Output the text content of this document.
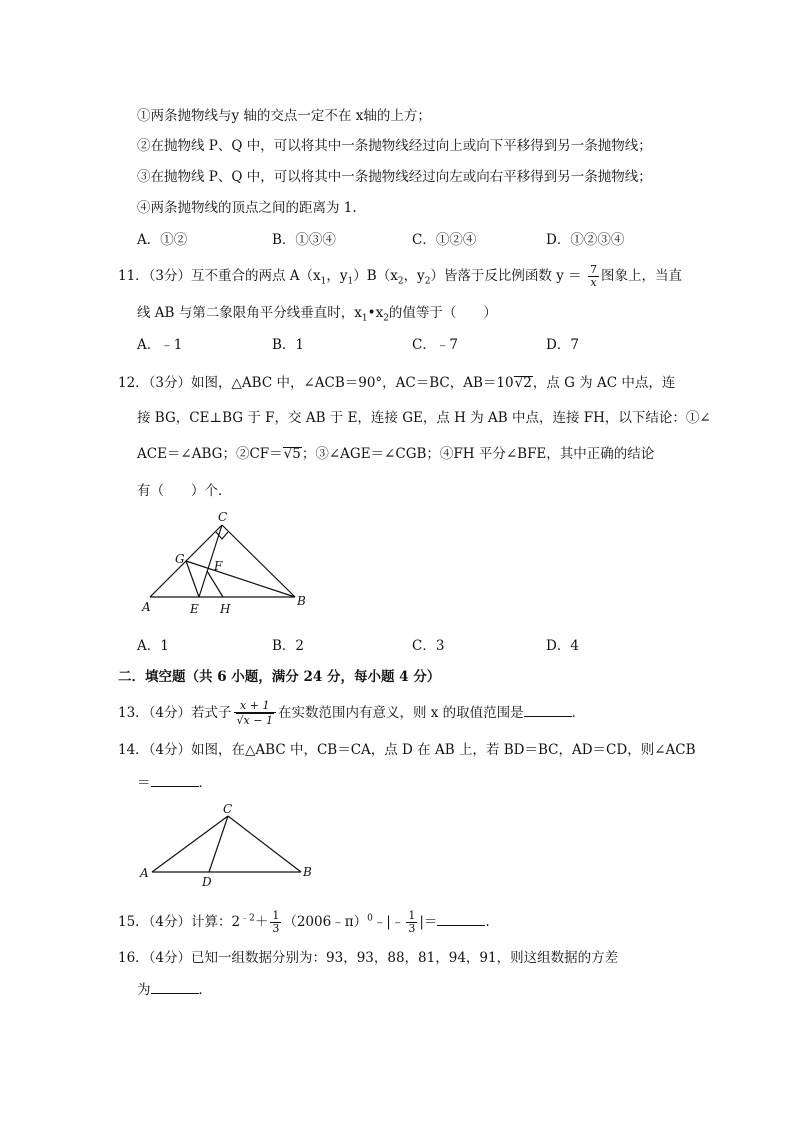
①两条抛物线与y 轴的交点一定不在 x轴的上方；
②在抛物线 P、Q 中，可以将其中一条抛物线经过向上或向下平移得到另一条抛物线；
③在抛物线 P、Q 中，可以将其中一条抛物线经过向左或向右平移得到另一条抛物线；
④两条抛物线的顶点之间的距离为 1.
A．①②	B．①③④	C．①②④	D．①②③④
11．（3分）互不重合的两点 $A(x_1$，$y_1)B(x_2$，$y_2$）皆落于反比例函数 $y = \frac{7}{x}$ 图象上，当直
线 AB 与第二象限角平分线垂直时，$x_1•x_2$的值等于（　　）
A．﹣1	B．1	C．﹣7	D．7
12．（3分）如图，△ABC 中，∠ACB＝90°，AC＝BC，AB＝10√2，点 G 为 AC 中点，连
接 BG，CE⊥BG 于 F，交 AB 于 E，连接 GE，点 H 为 AB 中点，连接 FH，以下结论：①∠
ACE＝∠ABG；②CF＝√5；③∠AGE＝∠CGB；④FH 平分∠BFE，其中正确的结论
有（　　）个．
C
G F
A	E H
B
A．1	B．2	C．3	D．4
二．填空题（共 6 小题，满分 24 分，每小题 4 分）
13．（4分）若式子 $\frac{x + 1}{√x - 1}$ 在实数范围内有意义，则 x 的取值范围是	．
14．（4分）如图，在△ABC 中，CB＝CA，点 D 在 AB 上，若 BD＝BC，AD＝CD，则∠ACB
＝	．
C
A
D
B
15．（4分）计算：$2^{﹣2}+ \frac{1}{3}$ （2006﹣π）$^0$﹣|﹣ $\frac{1}{3}$ |＝	．
16．（4分）已知一组数据分别为：93，93，88，81，94，91，则这组数据的方差
为	．
